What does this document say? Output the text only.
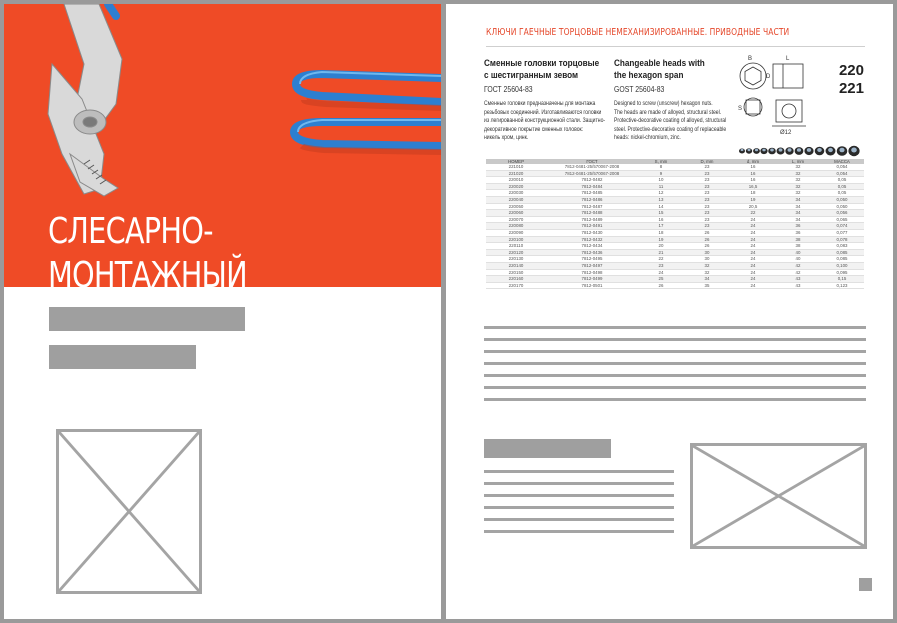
СЛЕСАРНО-
МОНТАЖНЫЙ
КЛЮЧИ ГАЕЧНЫЕ ТОРЦОВЫЕ НЕМЕХАНИЗИРОВАННЫЕ. ПРИВОДНЫЕ ЧАСТИ
Сменные головки торцовые
с шестигранным зевом
ГОСТ 25604-83
Сменные головки предназначены для монтажа
резьбовых соединений. Изготавливаются головки
из легированной конструкционной стали. Защитно-
декоративное покрытие сменных головок:
никель хром, цинк.
Changeable heads with
the hexagon span
GOST 25604-83
Designed to screw (unscrew) hexagon nuts.
The heads are made of alloyed, structural steel.
Protective-decorative coating of alloyed, structural
steel. Protective-decorative coating of replaceable
heads: nickel-chromium, zinc.
B	L
D
S
Ø12
220
221
НОМЕР	ГОСТ	S, mm	D, mm	d, mm	L, mm	МАССА
221010	7812-0481-25/570067-2008	8	23	16	32	0,054
221020	7812-0481-25/570067-2008	9	23	16	32	0,054
220010	7812-0482	10	23	16	32	0,05
220020	7812-0484	11	23	16,5	32	0,05
220030	7812-0485	12	23	18	32	0,05
220040	7812-0486	13	23	19	34	0,050
220050	7812-0487	14	23	20,5	34	0,050
220060	7812-0488	15	23	22	34	0,056
220070	7812-0489	16	23	24	34	0,065
220080	7812-0491	17	23	24	36	0,074
220090	7812-0430	18	26	24	36	0,077
220100	7812-0432	19	26	24	38	0,078
220110	7812-0434	20	26	24	38	0,083
220120	7812-0436	21	30	24	40	0,085
220130	7812-0495	22	30	24	40	0,085
220140	7812-0497	23	32	24	42	0,100
220150	7812-0498	24	32	24	42	0,095
220160	7812-0499	25	34	24	43	0,15
220170	7812-0501	26	35	24	43	0,123
